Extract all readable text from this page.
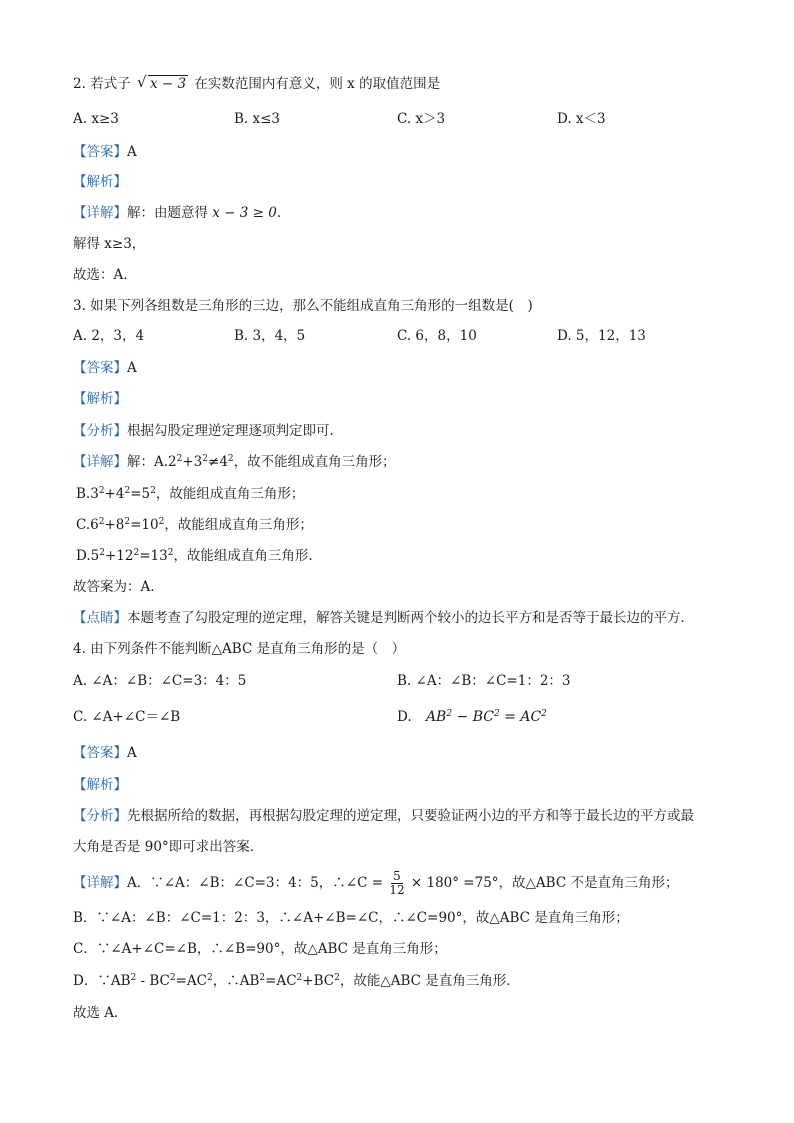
2. 若式子 √ x − 3 在实数范围内有意义，则 x 的取值范围是
A. x≥3	B. x≤3	C. x＞3	D. x＜3
【答案】A
【解析】
【详解】解：由题意得 x − 3 ≥ 0.
解得 x≥3，
故选：A．
3. 如果下列各组数是三角形的三边，那么不能组成直角三角形的一组数是(　)
A. 2，3，4	B. 3，4，5	C. 6，8，10	D. 5，12，13
【答案】A
【解析】
【分析】根据勾股定理逆定理逐项判定即可．
【详解】解：$A.2^2+3^2\ne 4^2$，故不能组成直角三角形；
$B.3^2+4^2=5^2$，故能组成直角三角形；
$C.6^2+8^2=10^2$，故能组成直角三角形；
$D.5^2+12^2=13^2$，故能组成直角三角形.
故答案为：A.
【点睛】本题考查了勾股定理的逆定理，解答关键是判断两个较小的边长平方和是否等于最长边的平方．
4. 由下列条件不能判断△ABC 是直角三角形的是（　）
A. ∠A：∠B：∠C=3：4：5	B. ∠A：∠B：∠C=1：2：3
C. ∠A+∠C＝∠B	D. $AB^2 - BC^2 = AC^2$
【答案】A
【解析】
【分析】先根据所给的数据，再根据勾股定理的逆定理，只要验证两小边的平方和等于最长边的平方或最
大角是否是 90°即可求出答案．
【详解】A．∵∠A：∠B：∠C=3：4：5，∴∠C = $\frac{5}{12} \times 180^\circ =75^\circ$，故△ABC 不是直角三角形；
B．∵∠A：∠B：∠C=1：2：3，∴∠A+∠B=∠C，∴∠C=90°，故△ABC 是直角三角形；
C．∵∠A+∠C=∠B，∴∠B=90°，故△ABC 是直角三角形；
D．$\because AB^2 - BC^2=AC^2$，$\therefore AB^2=AC^2+BC^2$，故能△ABC 是直角三角形．
故选 A．
